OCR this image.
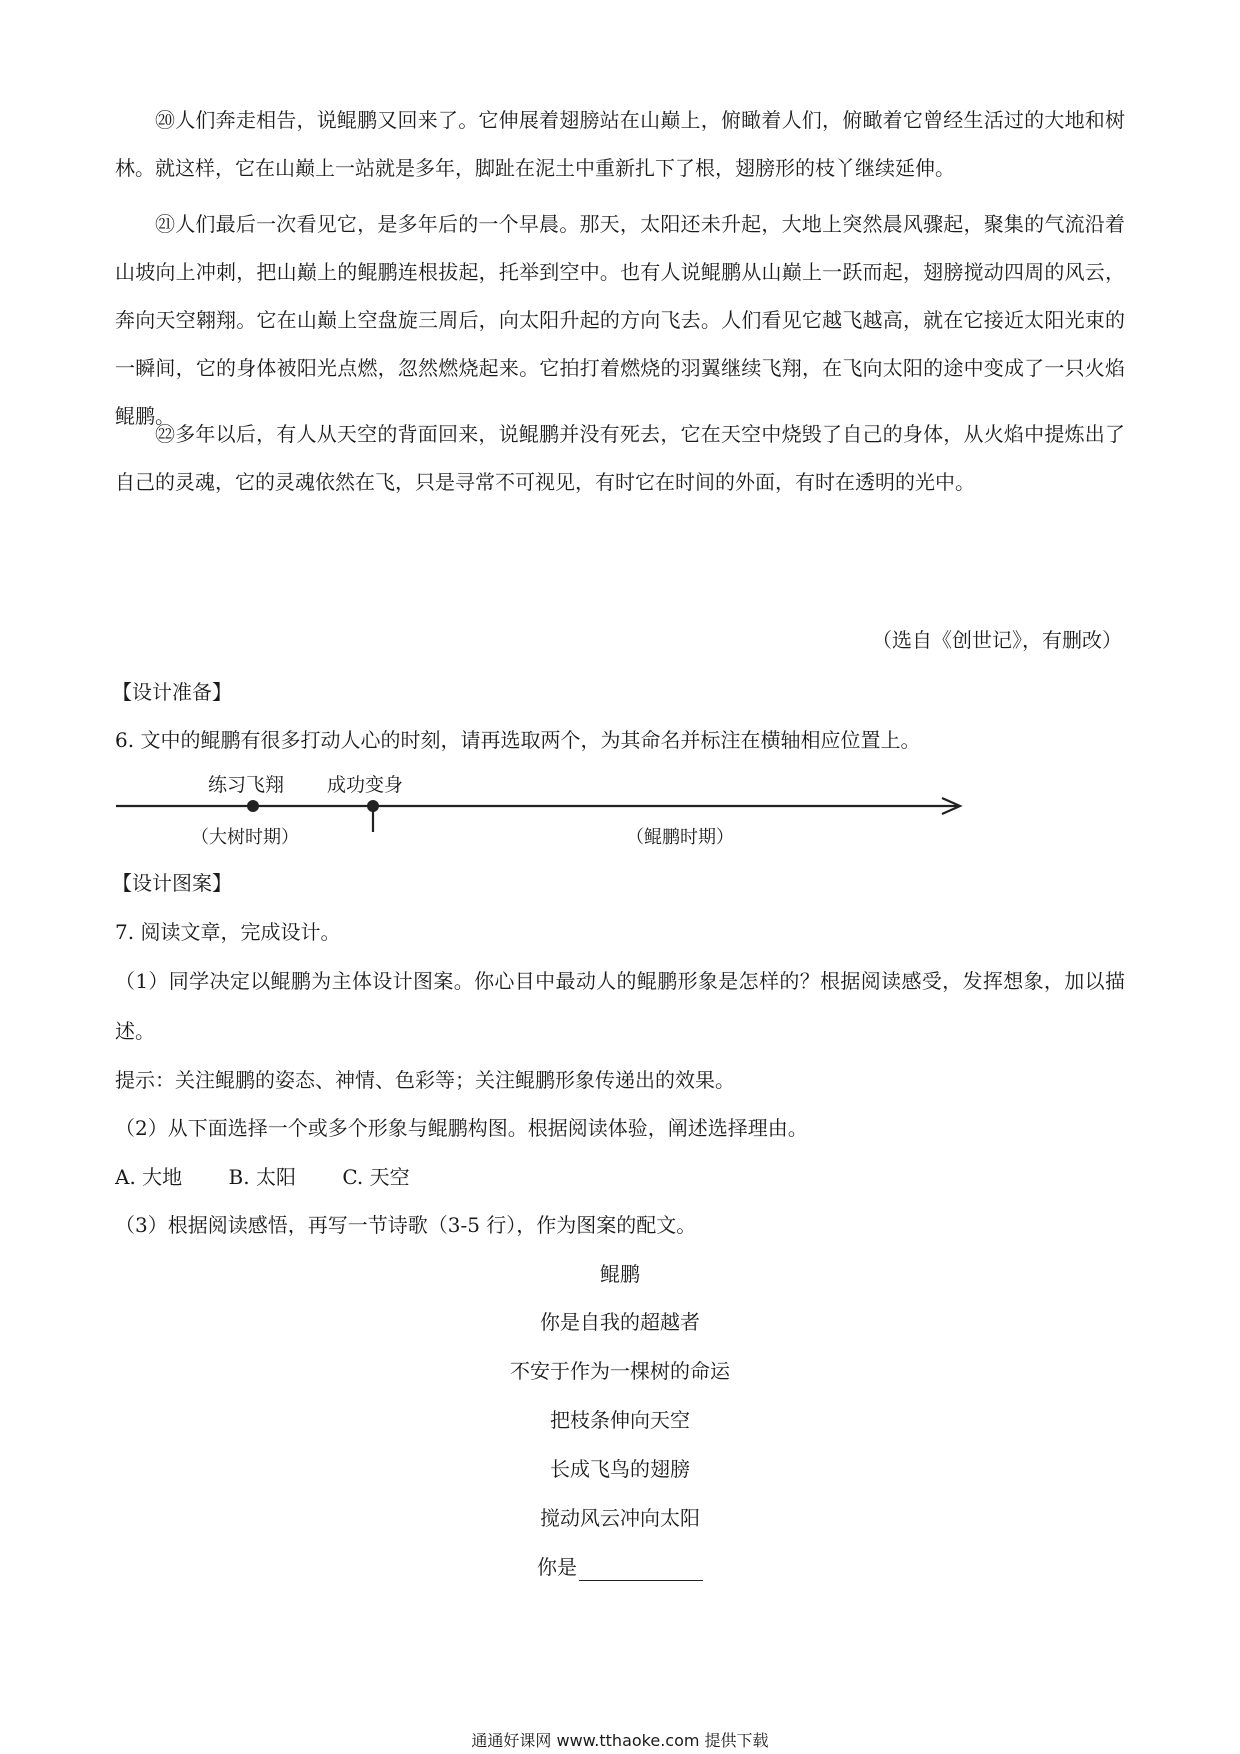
⑳人们奔走相告，说鲲鹏又回来了。它伸展着翅膀站在山巅上，俯瞰着人们，俯瞰着它曾经生活过的大地和树林。就这样，它在山巅上一站就是多年，脚趾在泥土中重新扎下了根，翅膀形的枝丫继续延伸。

㉑人们最后一次看见它，是多年后的一个早晨。那天，太阳还未升起，大地上突然晨风骤起，聚集的气流沿着山坡向上冲刺，把山巅上的鲲鹏连根拔起，托举到空中。也有人说鲲鹏从山巅上一跃而起，翅膀搅动四周的风云，奔向天空翱翔。它在山巅上空盘旋三周后，向太阳升起的方向飞去。人们看见它越飞越高，就在它接近太阳光束的一瞬间，它的身体被阳光点燃，忽然燃烧起来。它拍打着燃烧的羽翼继续飞翔，在飞向太阳的途中变成了一只火焰鲲鹏。

㉒多年以后，有人从天空的背面回来，说鲲鹏并没有死去，它在天空中烧毁了自己的身体，从火焰中提炼出了自己的灵魂，它的灵魂依然在飞，只是寻常不可视见，有时它在时间的外面，有时在透明的光中。

（选自《创世记》，有删改）
【设计准备】
6. 文中的鲲鹏有很多打动人心的时刻，请再选取两个，为其命名并标注在横轴相应位置上。
练习飞翔 成功变身
（大树时期）	（鲲鹏时期）
【设计图案】
7. 阅读文章，完成设计。

（1）同学决定以鲲鹏为主体设计图案。你心目中最动人的鲲鹏形象是怎样的？根据阅读感受，发挥想象，加以描述。

提示：关注鲲鹏的姿态、神情、色彩等；关注鲲鹏形象传递出的效果。
（2）从下面选择一个或多个形象与鲲鹏构图。根据阅读体验，阐述选择理由。
A. 大地 B. 太阳 C. 天空
（3）根据阅读感悟，再写一节诗歌（3-5 行），作为图案的配文。
鲲鹏
你是自我的超越者
不安于作为一棵树的命运
把枝条伸向天空
长成飞鸟的翅膀
搅动风云冲向太阳
你是
通通好课网 www.tthaoke.com 提供下载
